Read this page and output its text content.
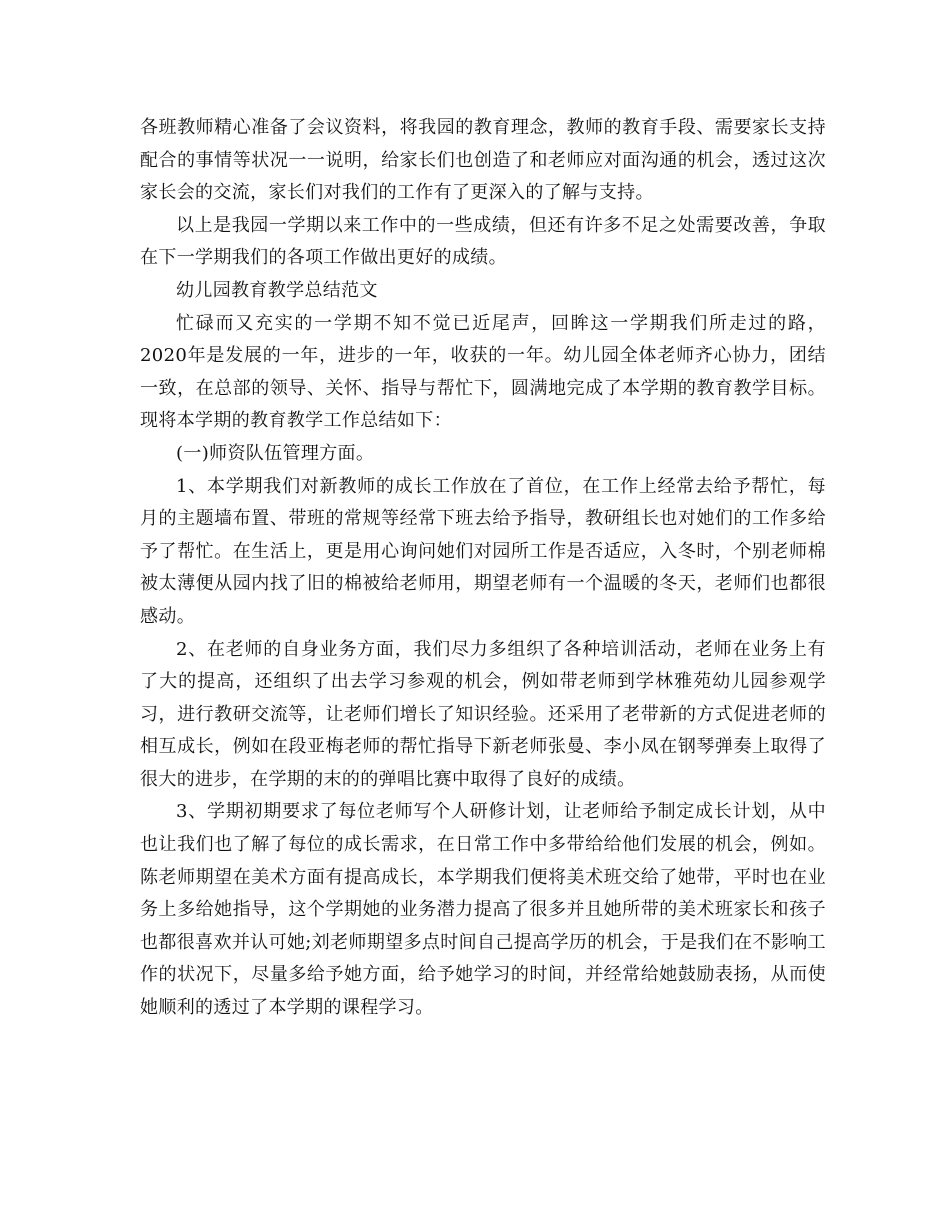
各班教师精心准备了会议资料，将我园的教育理念，教师的教育手段、需要家长支持配合的事情等状况一一说明，给家长们也创造了和老师应对面沟通的机会，透过这次家长会的交流，家长们对我们的工作有了更深入的了解与支持。

以上是我园一学期以来工作中的一些成绩，但还有许多不足之处需要改善，争取在下一学期我们的各项工作做出更好的成绩。

幼儿园教育教学总结范文

忙碌而又充实的一学期不知不觉已近尾声，回眸这一学期我们所走过的路，2020年是发展的一年，进步的一年，收获的一年。幼儿园全体老师齐心协力，团结一致，在总部的领导、关怀、指导与帮忙下，圆满地完成了本学期的教育教学目标。现将本学期的教育教学工作总结如下：

(一)师资队伍管理方面。

1、本学期我们对新教师的成长工作放在了首位，在工作上经常去给予帮忙，每月的主题墙布置、带班的常规等经常下班去给予指导，教研组长也对她们的工作多给予了帮忙。在生活上，更是用心询问她们对园所工作是否适应，入冬时，个别老师棉被太薄便从园内找了旧的棉被给老师用，期望老师有一个温暖的冬天，老师们也都很感动。

2、在老师的自身业务方面，我们尽力多组织了各种培训活动，老师在业务上有了大的提高，还组织了出去学习参观的机会，例如带老师到学林雅苑幼儿园参观学习，进行教研交流等，让老师们增长了知识经验。还采用了老带新的方式促进老师的相互成长，例如在段亚梅老师的帮忙指导下新老师张曼、李小凤在钢琴弹奏上取得了很大的进步，在学期的末的的弹唱比赛中取得了良好的成绩。

3、学期初期要求了每位老师写个人研修计划，让老师给予制定成长计划，从中也让我们也了解了每位的成长需求，在日常工作中多带给给他们发展的机会，例如。陈老师期望在美术方面有提高成长，本学期我们便将美术班交给了她带，平时也在业务上多给她指导，这个学期她的业务潜力提高了很多并且她所带的美术班家长和孩子也都很喜欢并认可她;刘老师期望多点时间自己提高学历的机会，于是我们在不影响工作的状况下，尽量多给予她方面，给予她学习的时间，并经常给她鼓励表扬，从而使她顺利的透过了本学期的课程学习。
